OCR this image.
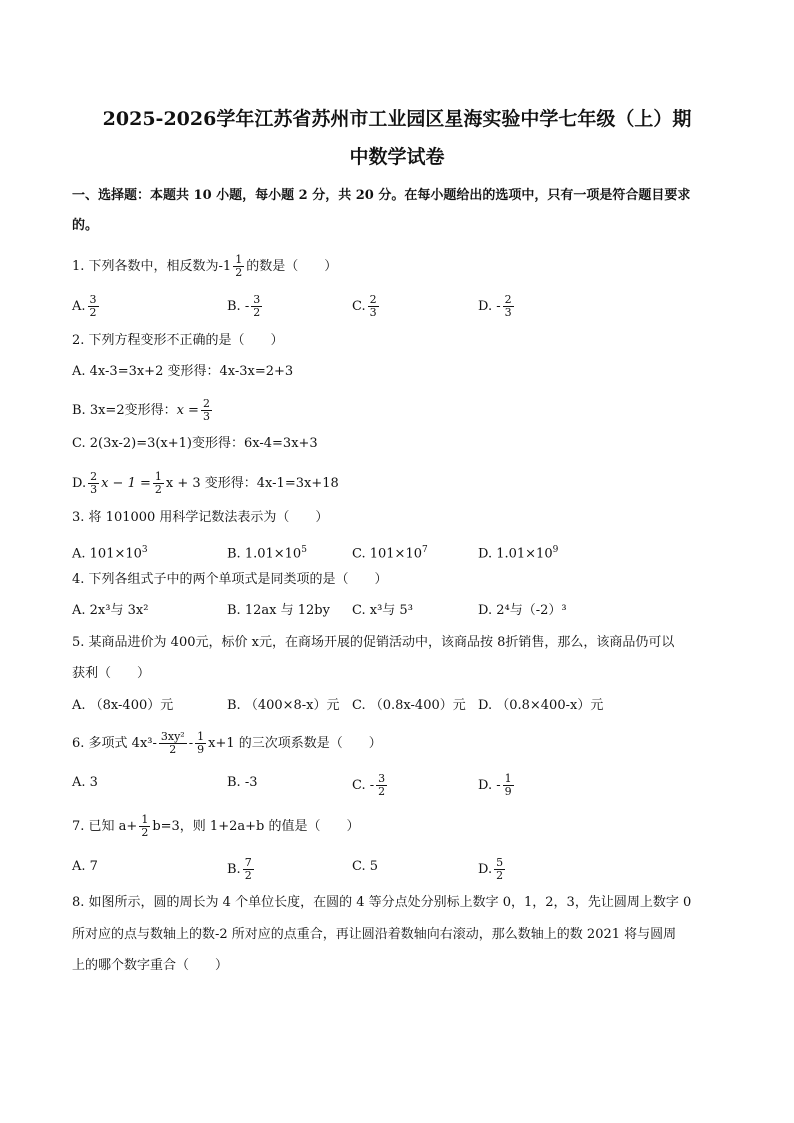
2025-2026学年江苏省苏州市工业园区星海实验中学七年级（上）期
中数学试卷
一、选择题：本题共 10 小题，每小题 2 分，共 20 分。在每小题给出的选项中，只有一项是符合题目要求
的。
1. 下列各数中，相反数为$-1 \frac{1}{2}$ 的数是（　　）
A. $\frac{3}{2}$	B. - $\frac{3}{2}$	C. $\frac{2}{3}$	D. - $\frac{2}{3}$
2. 下列方程变形不正确的是（　　）
A. 4x-3=3x+2 变形得：4x-3x=2+3
B. 3x=2变形得：$x = \frac{2}{3}$
C. 2(3x-2)=3(x+1)变形得：6x-4=3x+3
D. $\frac{2}{3}$ $x - 1 = \frac{1}{2}$ x + 3 变形得：4x-1=3x+18
3. 将 101000 用科学记数法表示为（　　）
A. $101\times 10^3$	B. $1.01\times 10^5$	C. $101\times 10^7$	D. $1.01\times 10^9$
4. 下列各组式子中的两个单项式是同类项的是（　　）
A. 2x³与 3x²	B. 12ax 与 12by C. x³与 5³	D. 2⁴与（-2）³
5. 某商品进价为 400元，标价 x元，在商场开展的促销活动中，该商品按 8折销售，那么，该商品仍可以
获利（　　）
A. （8x-400）元	B. （400×8-x）元 C. （0.8x-400）元 D. （0.8×400-x）元
6. 多项式 $4x^3- \frac{\text{3xy²}}{2} - \frac{1}{9} x+1$ 的三次项系数是（　　）
A. 3	B. -3	C. - $\frac{3}{2}$	D. - $\frac{1}{9}$
7. 已知 $a+ \frac{1}{2} b=3$，则 1+2a+b 的值是（　　）
A. 7	B. $\frac{7}{2}$	C. 5	D. $\frac{5}{2}$
8. 如图所示，圆的周长为 4 个单位长度，在圆的 4 等分点处分别标上数字 0，1，2，3，先让圆周上数字 0
所对应的点与数轴上的数-2 所对应的点重合，再让圆沿着数轴向右滚动，那么数轴上的数 2021 将与圆周
上的哪个数字重合（　　）
